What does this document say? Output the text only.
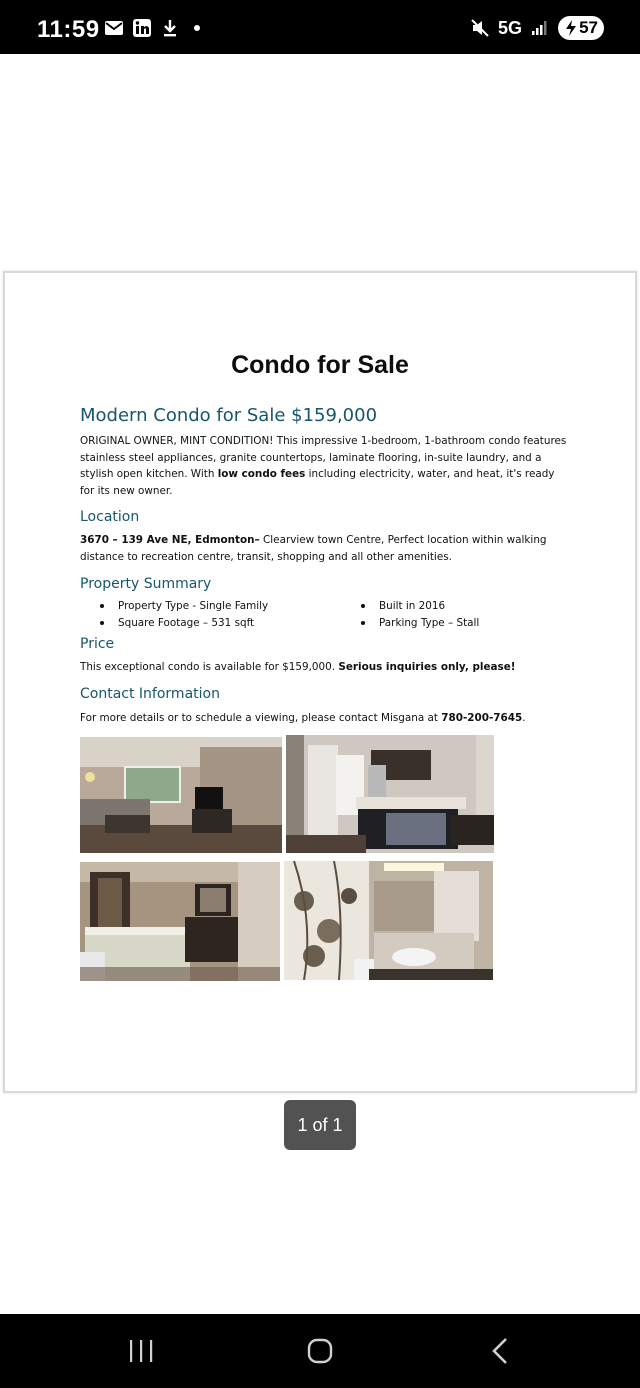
11:59	5G	57
Condo for Sale
Modern Condo for Sale $159,000
ORIGINAL OWNER, MINT CONDITION! This impressive 1-bedroom, 1-bathroom condo features stainless steel appliances, granite countertops, laminate flooring, in-suite laundry, and a stylish open kitchen. With low condo fees including electricity, water, and heat, it's ready for its new owner.
Location
3670 – 139 Ave NE, Edmonton– Clearview town Centre, Perfect location within walking distance to recreation centre, transit, shopping and all other amenities.
Property Summary
Property Type - Single Family	Built in 2016
Square Footage – 531 sqft	Parking Type – Stall
Price
This exceptional condo is available for $159,000. Serious inquiries only, please!
Contact Information
For more details or to schedule a viewing, please contact Misgana at 780-200-7645.
1 of 1
